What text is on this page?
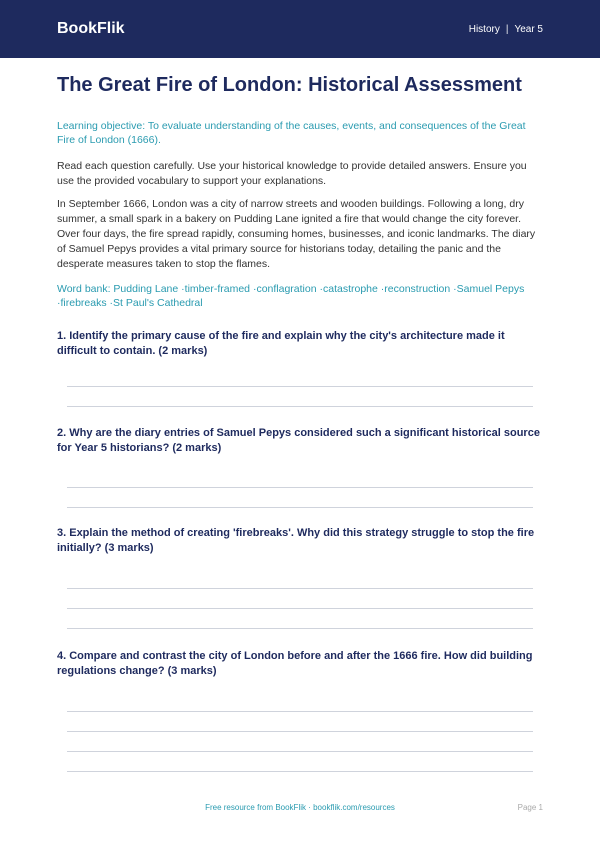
BookFlik	History | Year 5
The Great Fire of London: Historical Assessment
Learning objective: To evaluate understanding of the causes, events, and consequences of the Great Fire of London (1666).
Read each question carefully. Use your historical knowledge to provide detailed answers. Ensure you use the provided vocabulary to support your explanations.
In September 1666, London was a city of narrow streets and wooden buildings. Following a long, dry summer, a small spark in a bakery on Pudding Lane ignited a fire that would change the city forever. Over four days, the fire spread rapidly, consuming homes, businesses, and iconic landmarks. The diary of Samuel Pepys provides a vital primary source for historians today, detailing the panic and the desperate measures taken to stop the flames.
Word bank: Pudding Lane · timber-framed · conflagration · catastrophe · reconstruction · Samuel Pepys  · firebreaks · St Paul's Cathedral
1. Identify the primary cause of the fire and explain why the city's architecture made it difficult to contain. (2 marks)
2. Why are the diary entries of Samuel Pepys considered such a significant historical source for Year 5 historians? (2 marks)
3. Explain the method of creating 'firebreaks'. Why did this strategy struggle to stop the fire initially? (3 marks)
4. Compare and contrast the city of London before and after the 1666 fire. How did building regulations change? (3 marks)
Free resource from BookFlik · bookflik.com/resources	Page 1
